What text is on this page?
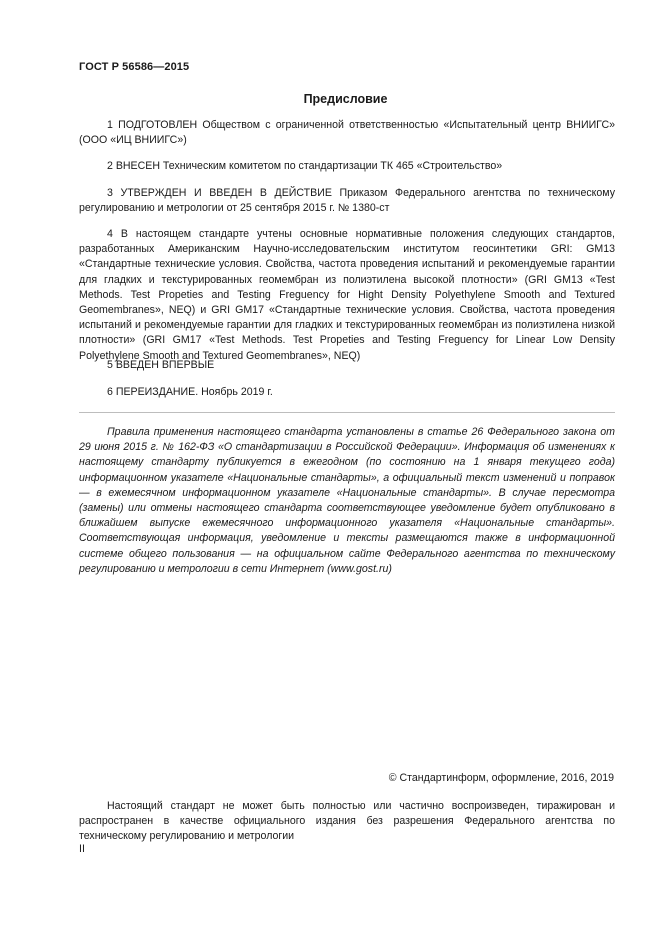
ГОСТ Р 56586—2015
Предисловие
1 ПОДГОТОВЛЕН Обществом с ограниченной ответственностью «Испытательный центр ВНИИГС» (ООО «ИЦ ВНИИГС»)
2 ВНЕСЕН Техническим комитетом по стандартизации ТК 465 «Строительство»
3 УТВЕРЖДЕН И ВВЕДЕН В ДЕЙСТВИЕ Приказом Федерального агентства по техническому регулированию и метрологии от 25 сентября 2015 г. № 1380-ст
4 В настоящем стандарте учтены основные нормативные положения следующих стандартов, разработанных Американским Научно-исследовательским институтом геосинтетики GRI: GM13 «Стандартные технические условия. Свойства, частота проведения испытаний и рекомендуемые гарантии для гладких и текстурированных геомембран из полиэтилена высокой плотности» (GRI GM13 «Test Methods. Test Propeties and Testing Freguency for Hight Density Polyethylene Smooth and Textured Geomembranes», NEQ) и GRI GM17 «Стандартные технические условия. Свойства, частота проведения испытаний и рекомендуемые гарантии для гладких и текстурированных геомембран из полиэтилена низкой плотности» (GRI GM17 «Test Methods. Test Propeties and Testing Freguency for Linear Low Density Polyethylene Smooth and Textured Geomembranes», NEQ)
5 ВВЕДЕН ВПЕРВЫЕ
6 ПЕРЕИЗДАНИЕ. Ноябрь 2019 г.
Правила применения настоящего стандарта установлены в статье 26 Федерального закона от 29 июня 2015 г. № 162-ФЗ «О стандартизации в Российской Федерации». Информация об изменениях к настоящему стандарту публикуется в ежегодном (по состоянию на 1 января текущего года) информационном указателе «Национальные стандарты», а официальный текст изменений и поправок — в ежемесячном информационном указателе «Национальные стандарты». В случае пересмотра (замены) или отмены настоящего стандарта соответствующее уведомление будет опубликовано в ближайшем выпуске ежемесячного информационного указателя «Национальные стандарты». Соответствующая информация, уведомление и тексты размещаются также в информационной системе общего пользования — на официальном сайте Федерального агентства по техническому регулированию и метрологии в сети Интернет (www.gost.ru)
© Стандартинформ, оформление, 2016, 2019
Настоящий стандарт не может быть полностью или частично воспроизведен, тиражирован и распространен в качестве официального издания без разрешения Федерального агентства по техническому регулированию и метрологии
II
